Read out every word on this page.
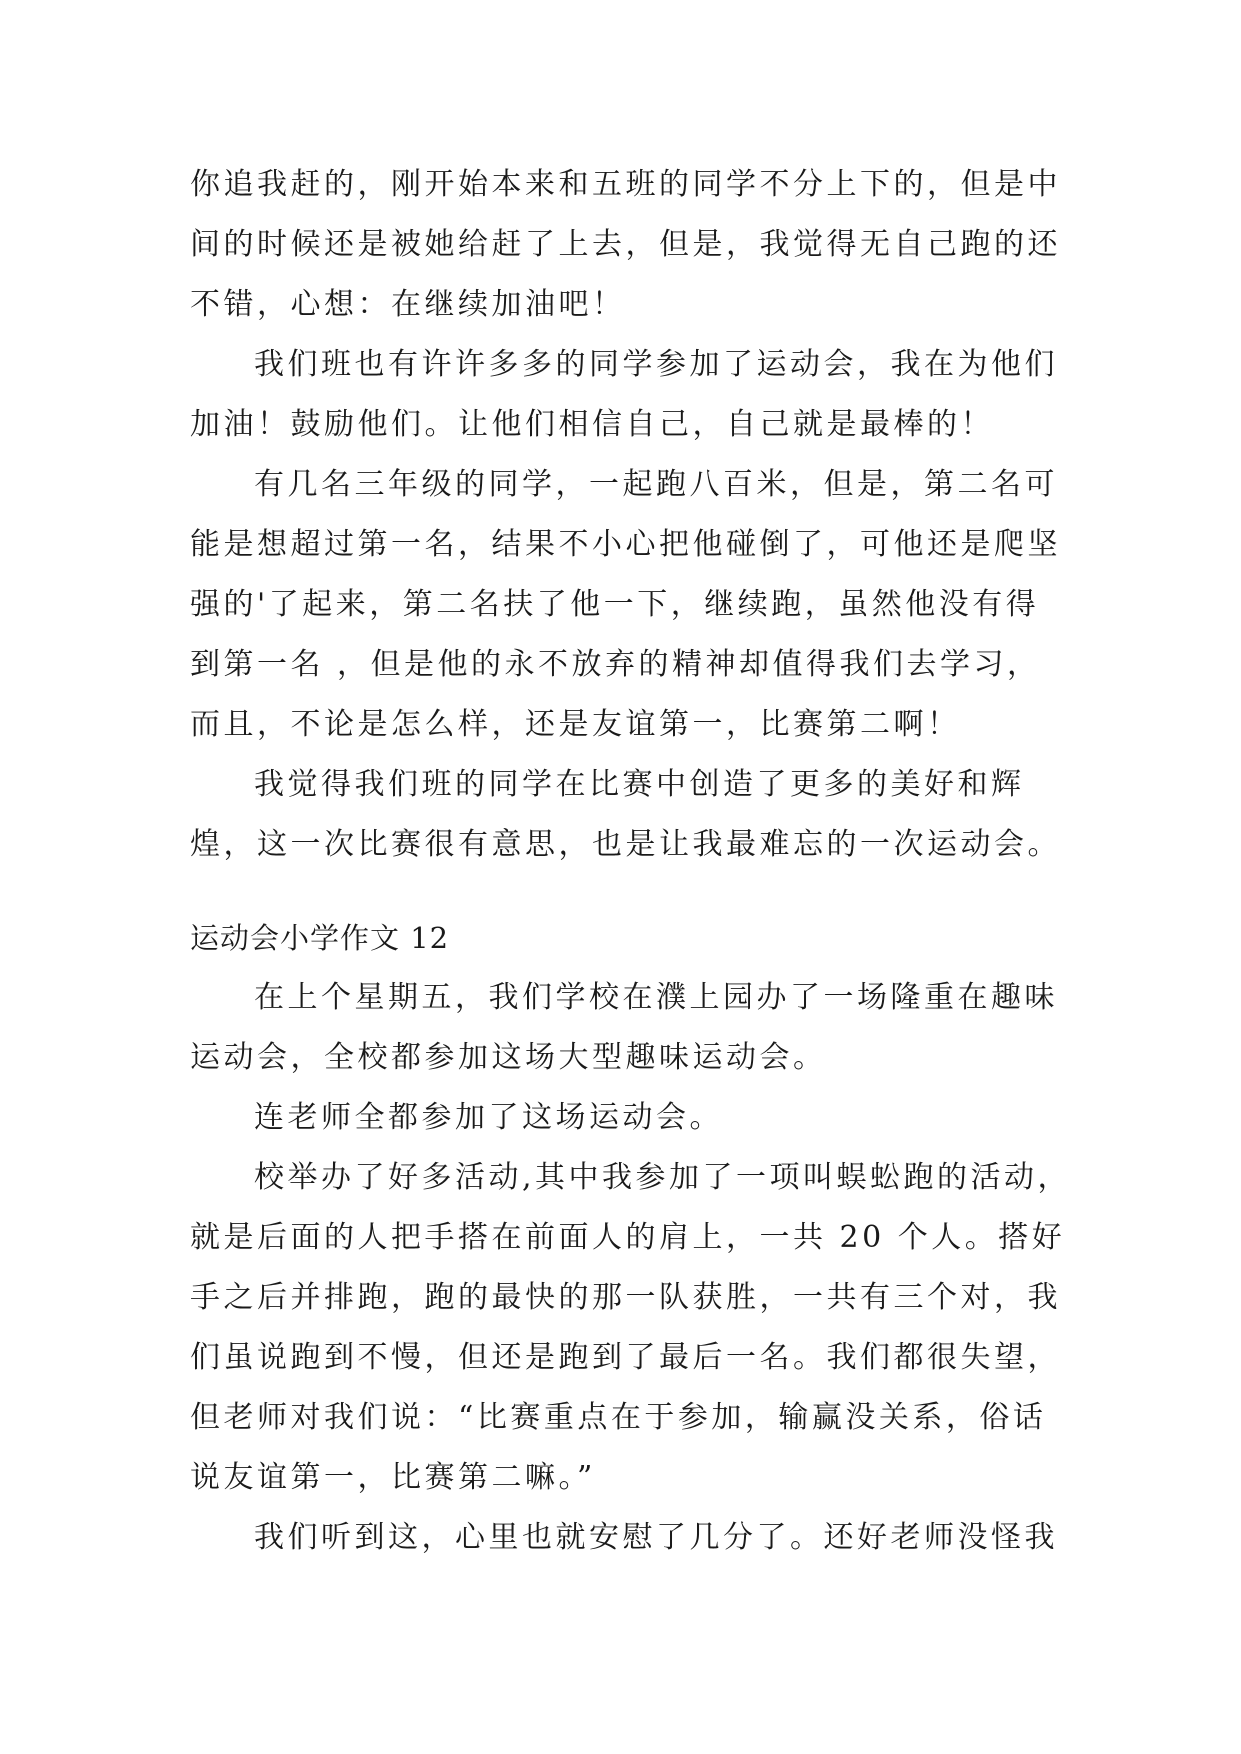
你追我赶的，刚开始本来和五班的同学不分上下的，但是中
间的时候还是被她给赶了上去，但是，我觉得无自己跑的还
不错，心想：在继续加油吧！
我们班也有许许多多的同学参加了运动会，我在为他们
加油！鼓励他们。让他们相信自己，自己就是最棒的！
有几名三年级的同学，一起跑八百米，但是，第二名可
能是想超过第一名，结果不小心把他碰倒了，可他还是爬坚
强的'了起来，第二名扶了他一下，继续跑，虽然他没有得
到第一名 ，但是他的永不放弃的精神却值得我们去学习，
而且，不论是怎么样，还是友谊第一，比赛第二啊！
我觉得我们班的同学在比赛中创造了更多的美好和辉
煌，这一次比赛很有意思，也是让我最难忘的一次运动会。
运动会小学作文 12
在上个星期五，我们学校在濮上园办了一场隆重在趣味
运动会，全校都参加这场大型趣味运动会。
连老师全都参加了这场运动会。
校举办了好多活动,其中我参加了一项叫蜈蚣跑的活动，
就是后面的人把手搭在前面人的肩上，一共 20 个人。搭好
手之后并排跑，跑的最快的那一队获胜，一共有三个对，我
们虽说跑到不慢，但还是跑到了最后一名。我们都很失望，
但老师对我们说：“比赛重点在于参加，输赢没关系，俗话
说友谊第一，比赛第二嘛。”
我们听到这，心里也就安慰了几分了。还好老师没怪我
